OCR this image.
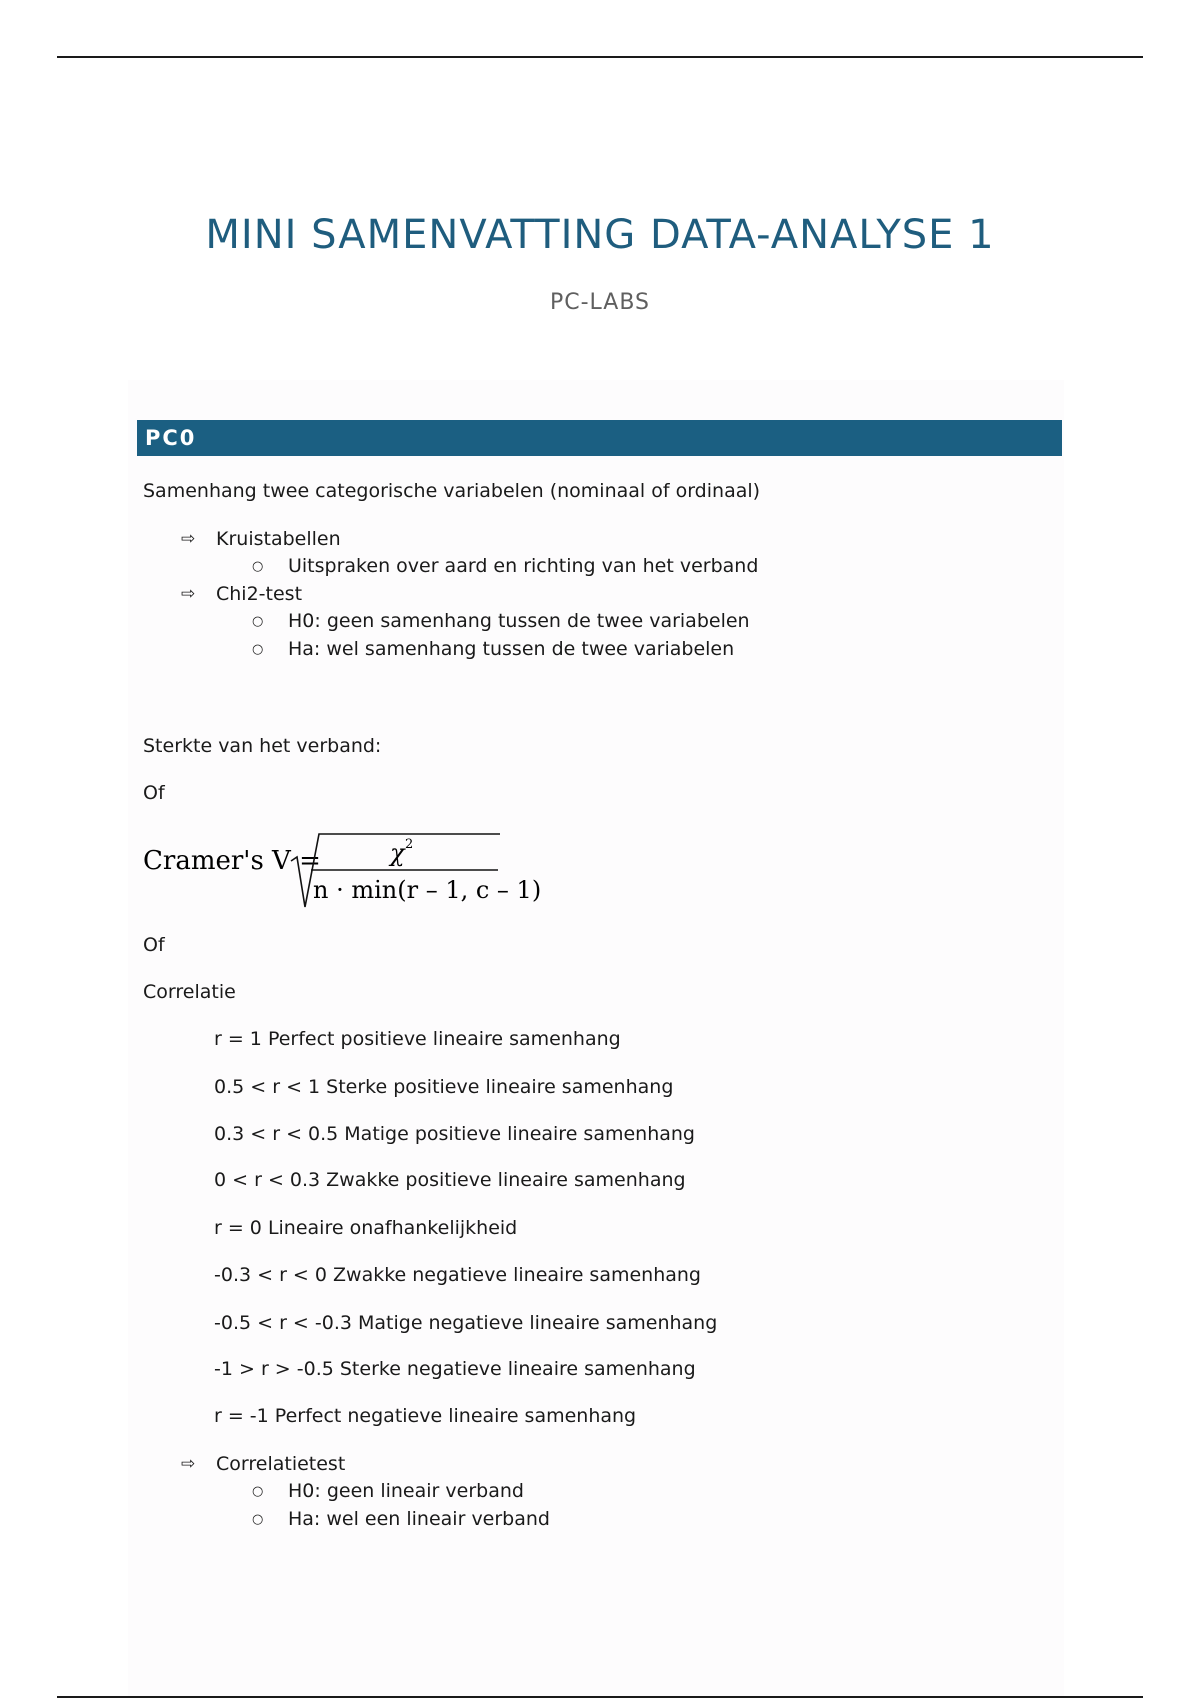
MINI SAMENVATTING DATA-ANALYSE 1
PC-LABS
PC0
Samenhang twee categorische variabelen (nominaal of ordinaal)
⇨ Kruistabellen
○ Uitspraken over aard en richting van het verband
⇨ Chi2-test
○ H0: geen samenhang tussen de twee variabelen
○ Ha: wel samenhang tussen de twee variabelen
Sterkte van het verband:
Of
Cramer's V =	χ 2
n · min(r – 1, c – 1)
Of
Correlatie
r = 1 Perfect positieve lineaire samenhang
0.5 < r < 1 Sterke positieve lineaire samenhang
0.3 < r < 0.5 Matige positieve lineaire samenhang
0 < r < 0.3 Zwakke positieve lineaire samenhang
r = 0 Lineaire onafhankelijkheid
-0.3 < r < 0 Zwakke negatieve lineaire samenhang
-0.5 < r < -0.3 Matige negatieve lineaire samenhang
-1 > r > -0.5 Sterke negatieve lineaire samenhang
r = -1 Perfect negatieve lineaire samenhang
⇨ Correlatietest
○ H0: geen lineair verband
○ Ha: wel een lineair verband
